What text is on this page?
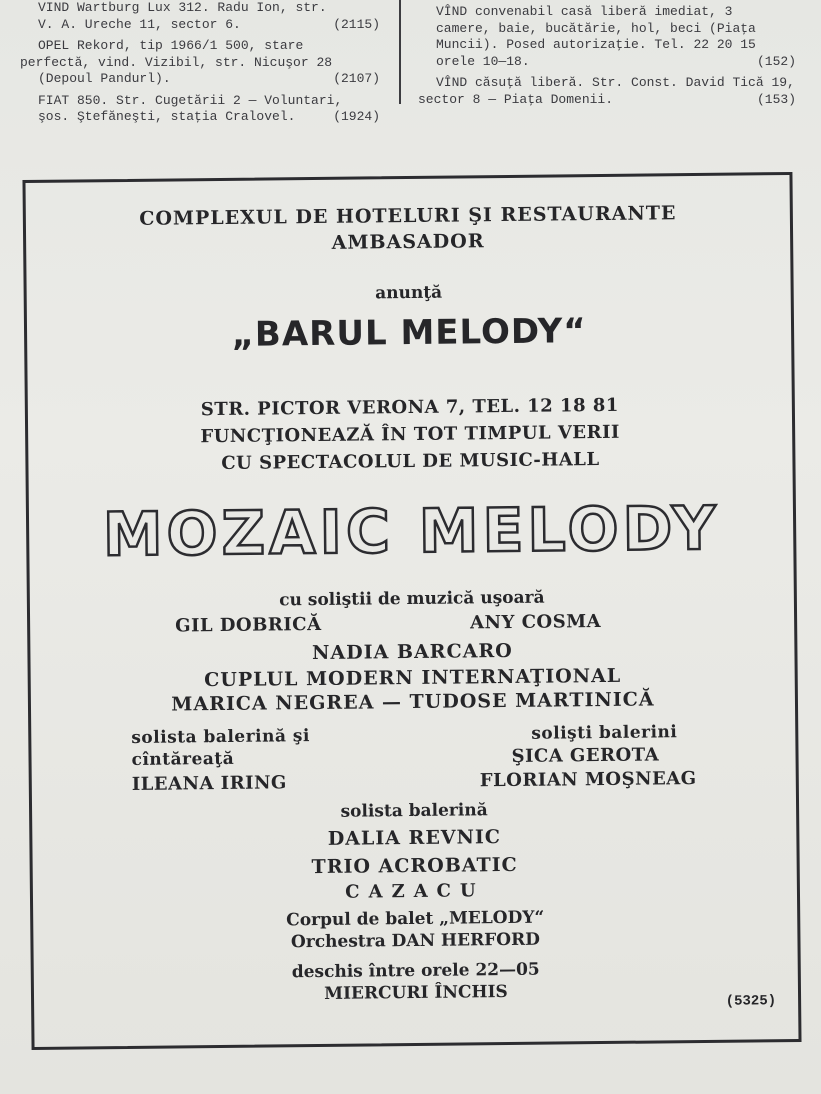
VIND Wartburg Lux 312. Radu Ion, str.
V. A. Ureche 11, sector 6.	(2115)
OPEL Rekord, tip 1966/1 500, stare
perfectă, vind. Vizibil, str. Nicuşor 28
(Depoul Pandurl).	(2107)
FIAT 850. Str. Cugetării 2 — Voluntari,
şos. Ştefăneşti, staţia Cralovel.	(1924)
VÎND convenabil casă liberă imediat, 3
camere, baie, bucătărie, hol, beci (Piaţa
Muncii). Posed autorizaţie. Tel. 22 20 15
orele 10—18.	(152)
VÎND căsuţă liberă. Str. Const. David Tică 19, sector 8 — Piaţa Domenii.	(153)
COMPLEXUL DE HOTELURI ŞI RESTAURANTE
AMBASADOR
anunţă
„BARUL MELODY“
STR. PICTOR VERONA 7, TEL. 12 18 81
FUNCŢIONEAZĂ ÎN TOT TIMPUL VERII
CU SPECTACOLUL DE MUSIC-HALL
MOZAIC MELODY
cu soliştii de muzică uşoară
GIL DOBRICĂ	ANY COSMA
NADIA BARCARO
CUPLUL MODERN INTERNAŢIONAL
MARICA NEGREA — TUDOSE MARTINICĂ
solista balerină şi
cîntăreaţă
ILEANA IRING
solişti balerini
ŞICA GEROTA
FLORIAN MOŞNEAG
solista balerină
DALIA REVNIC
TRIO ACROBATIC
CAZACU
Corpul de balet „MELODY“
Orchestra DAN HERFORD
deschis între orele 22—05
MIERCURI ÎNCHIS	(5325)
